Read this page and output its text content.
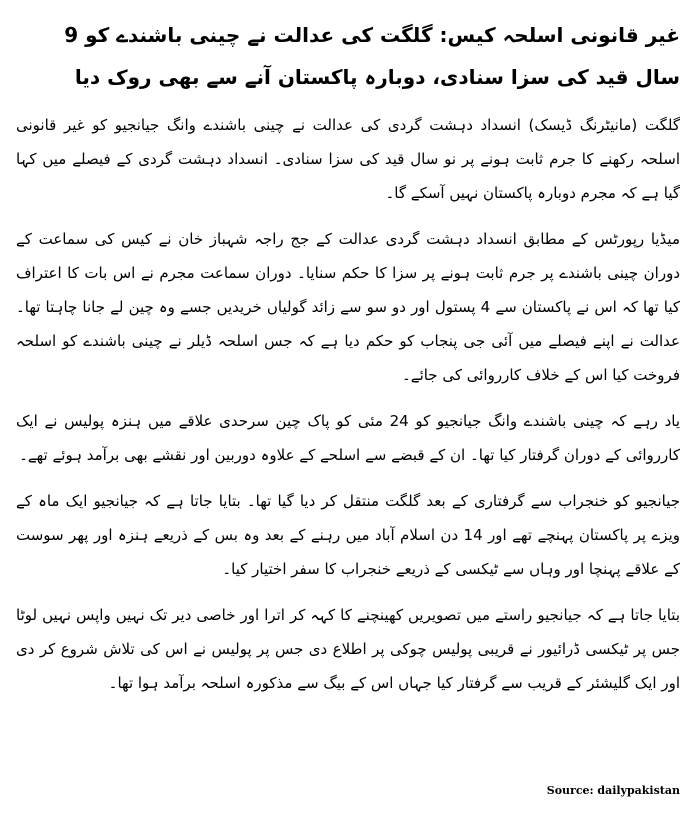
غیر قانونی اسلحہ کیس: گلگت کی عدالت نے چینی باشندے کو 9 سال قید کی سزا سنادی، دوبارہ پاکستان آنے سے بھی روک دیا

گلگت (مانیٹرنگ ڈیسک) انسداد دہشت گردی کی عدالت نے چینی باشندے وانگ جیانجیو کو غیر قانونی اسلحہ رکھنے کا جرم ثابت ہونے پر نو سال قید کی سزا سنادی۔ انسداد دہشت گردی کے فیصلے میں کہا گیا ہے کہ مجرم دوبارہ پاکستان نہیں آسکے گا۔

میڈیا رپورٹس کے مطابق انسداد دہشت گردی عدالت کے جج راجہ شہباز خان نے کیس کی سماعت کے دوران چینی باشندے پر جرم ثابت ہونے پر سزا کا حکم سنایا۔ دوران سماعت مجرم نے اس بات کا اعتراف کیا تھا کہ اس نے پاکستان سے 4 پستول اور دو سو سے زائد گولیاں خریدیں جسے وہ چین لے جانا چاہتا تھا۔ عدالت نے اپنے فیصلے میں آئی جی پنجاب کو حکم دیا ہے کہ جس اسلحہ ڈیلر نے چینی باشندے کو اسلحہ فروخت کیا اس کے خلاف کارروائی کی جائے۔

یاد رہے کہ چینی باشندے وانگ جیانجیو کو 24 مئی کو پاک چین سرحدی علاقے میں ہنزہ پولیس نے ایک کارروائی کے دوران گرفتار کیا تھا۔ ان کے قبضے سے اسلحے کے علاوہ دوربین اور نقشے بھی برآمد ہوئے تھے۔

جیانجیو کو خنجراب سے گرفتاری کے بعد گلگت منتقل کر دیا گیا تھا۔ بتایا جاتا ہے کہ جیانجیو ایک ماہ کے ویزے پر پاکستان پہنچے تھے اور 14 دن اسلام آباد میں رہنے کے بعد وہ بس کے ذریعے ہنزہ اور پھر سوست کے علاقے پہنچا اور وہاں سے ٹیکسی کے ذریعے خنجراب کا سفر اختیار کیا۔

بتایا جاتا ہے کہ جیانجیو راستے میں تصویریں کھینچنے کا کہہ کر اترا اور خاصی دیر تک نہیں واپس نہیں لوٹا جس پر ٹیکسی ڈرائیور نے قریبی پولیس چوکی پر اطلاع دی جس پر پولیس نے اس کی تلاش شروع کر دی اور ایک گلیشئر کے قریب سے گرفتار کیا جہاں اس کے بیگ سے مذکورہ اسلحہ برآمد ہوا تھا۔

Source: dailypakistan
